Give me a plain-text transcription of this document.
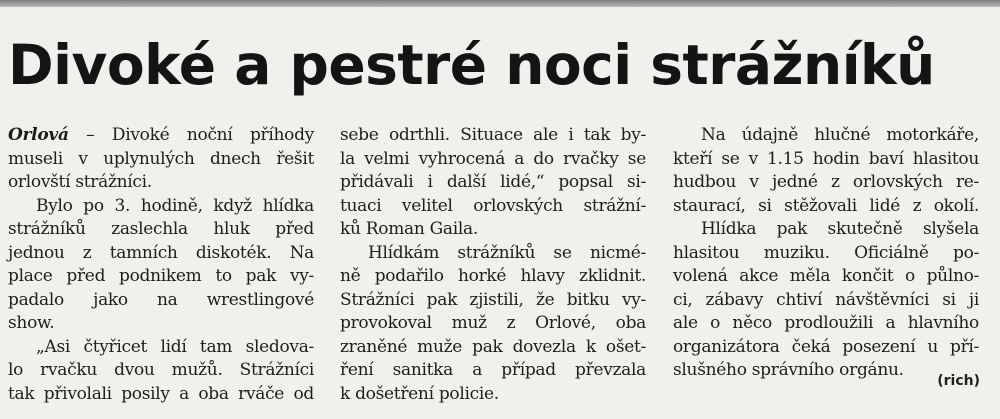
Divoké a pestré noci strážníků
Orlová – Divoké noční příhody
museli v uplynulých dnech řešit
orlovští strážníci.
Bylo po 3. hodině, když hlídka
strážníků zaslechla hluk před
jednou z tamních diskoték. Na
place před podnikem to pak vy-
padalo jako na wrestlingové
show.
„Asi čtyřicet lidí tam sledova-
lo rvačku dvou mužů. Strážníci
tak přivolali posily a oba rváče od
sebe odrthli. Situace ale i tak by-
la velmi vyhrocená a do rvačky se
přidávali i další lidé,“ popsal si-
tuaci velitel orlovských strážní-
ků Roman Gaila.
Hlídkám strážníků se nicmé-
ně podařilo horké hlavy zklidnit.
Strážníci pak zjistili, že bitku vy-
provokoval muž z Orlové, oba
zraněné muže pak dovezla k ošet-
ření sanitka a případ převzala
k došetření policie.
Na údajně hlučné motorkáře,
kteří se v 1.15 hodin baví hlasitou
hudbou v jedné z orlovských re-
staurací, si stěžovali lidé z okolí.
Hlídka pak skutečně slyšela
hlasitou muziku. Oficiálně po-
volená akce měla končit o půlno-
ci, zábavy chtiví návštěvníci si ji
ale o něco prodloužili a hlavního
organizátora čeká posezení u pří-
slušného správního orgánu.
(rich)
